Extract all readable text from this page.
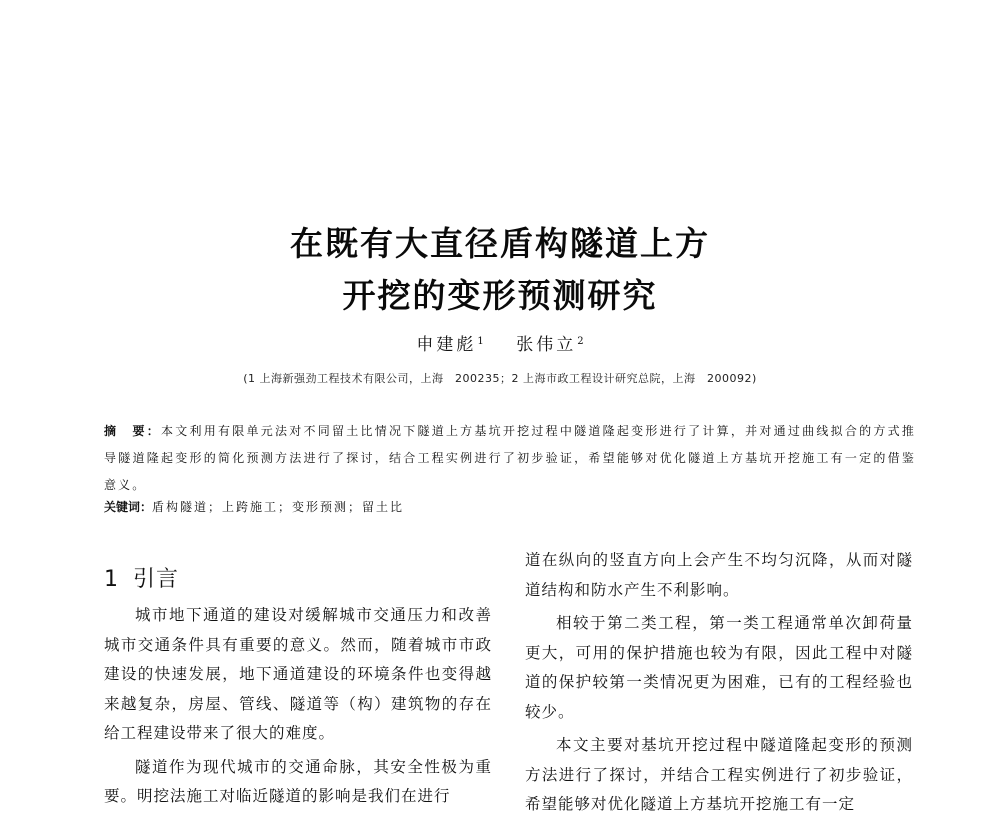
在既有大直径盾构隧道上方
开挖的变形预测研究
申建彪$^1$ 张伟立$^2$
(1 上海新强劲工程技术有限公司，上海　200235；2 上海市政工程设计研究总院，上海　200092)
摘　要：本文利用有限单元法对不同留土比情况下隧道上方基坑开挖过程中隧道隆起变形进行了计算，并对通过曲线拟合的方式推导隧道隆起变形的简化预测方法进行了探讨，结合工程实例进行了初步验证，希望能够对优化隧道上方基坑开挖施工有一定的借鉴意义。
关键词：盾构隧道；上跨施工；变形预测；留土比
1 引言

城市地下通道的建设对缓解城市交通压力和改善城市交通条件具有重要的意义。然而，随着城市市政建设的快速发展，地下通道建设的环境条件也变得越来越复杂，房屋、管线、隧道等（构）建筑物的存在给工程建设带来了很大的难度。

隧道作为现代城市的交通命脉，其安全性极为重要。明挖法施工对临近隧道的影响是我们在进行

道在纵向的竖直方向上会产生不均匀沉降，从而对隧道结构和防水产生不利影响。

相较于第二类工程，第一类工程通常单次卸荷量更大，可用的保护措施也较为有限，因此工程中对隧道的保护较第一类情况更为困难，已有的工程经验也较少。

本文主要对基坑开挖过程中隧道隆起变形的预测方法进行了探讨，并结合工程实例进行了初步验证，希望能够对优化隧道上方基坑开挖施工有一定
